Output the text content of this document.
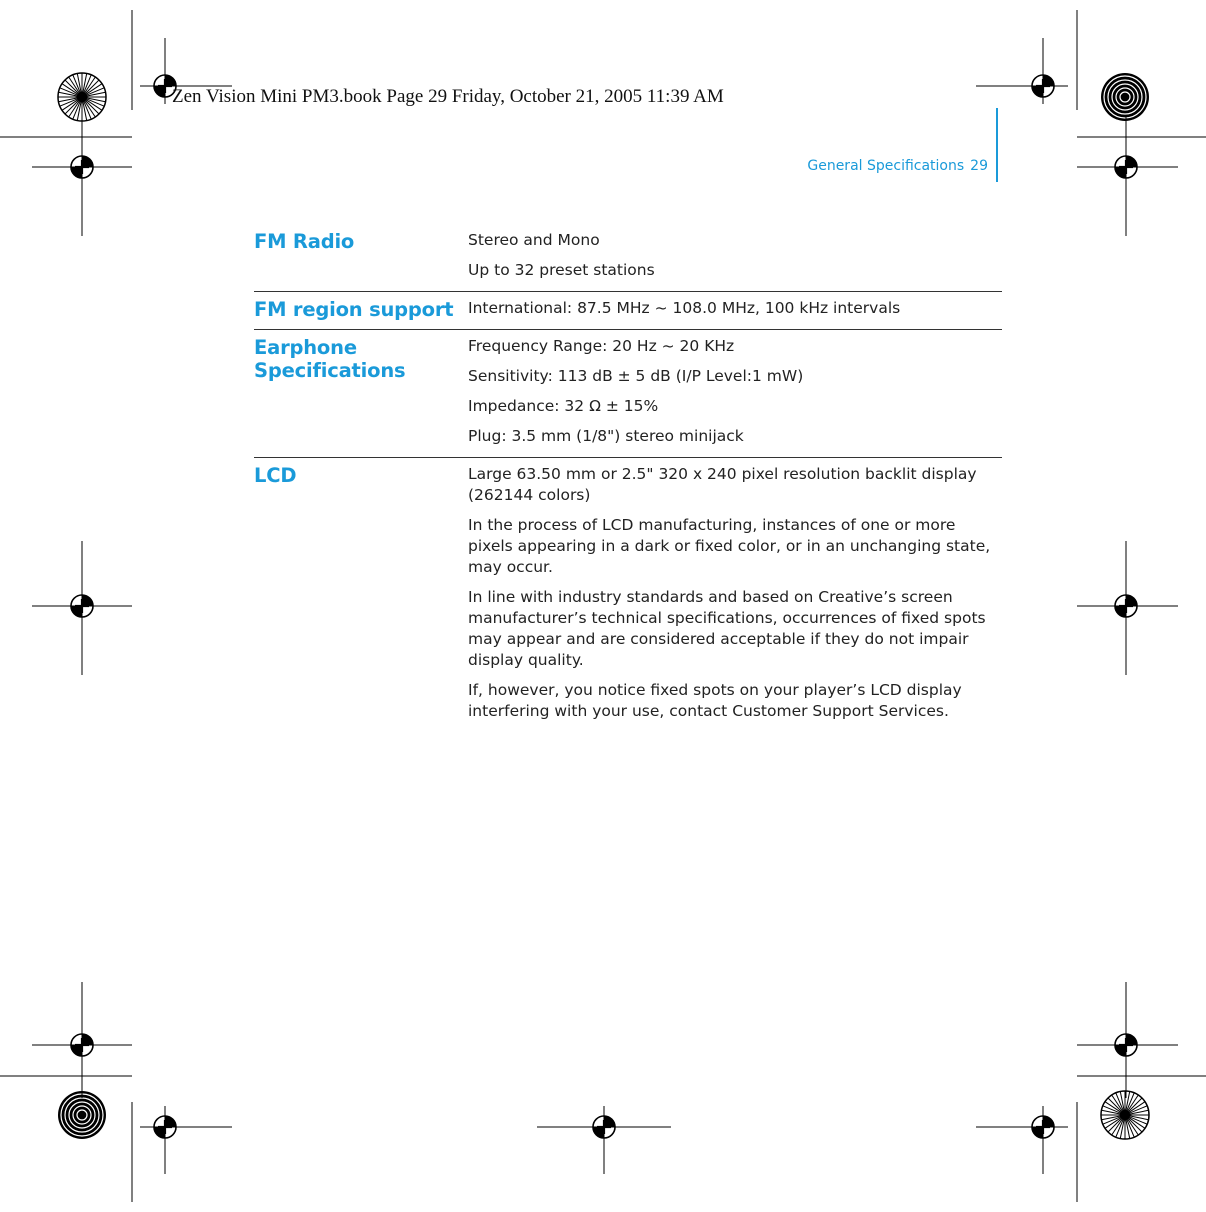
Zen Vision Mini PM3.book Page 29 Friday, October 21, 2005 11:39 AM
General Specifications 29
FM Radio	Stereo and Mono

Up to 32 preset stations

FM region support International: 87.5 MHz ~ 108.0 MHz, 100 kHz intervals

Earphone Specifications

Frequency Range: 20 Hz ~ 20 KHz

Sensitivity: 113 dB ± 5 dB (I/P Level:1 mW)

Impedance: 32 Ω ± 15%

Plug: 3.5 mm (1/8") stereo minijack

LCD	Large 63.50 mm or 2.5" 320 x 240 pixel resolution backlit display (262144 colors)

In the process of LCD manufacturing, instances of one or more pixels appearing in a dark or fixed color, or in an unchanging state, may occur.

In line with industry standards and based on Creative’s screen manufacturer’s technical specifications, occurrences of fixed spots may appear and are considered acceptable if they do not impair display quality.

If, however, you notice fixed spots on your player’s LCD display interfering with your use, contact Customer Support Services.
